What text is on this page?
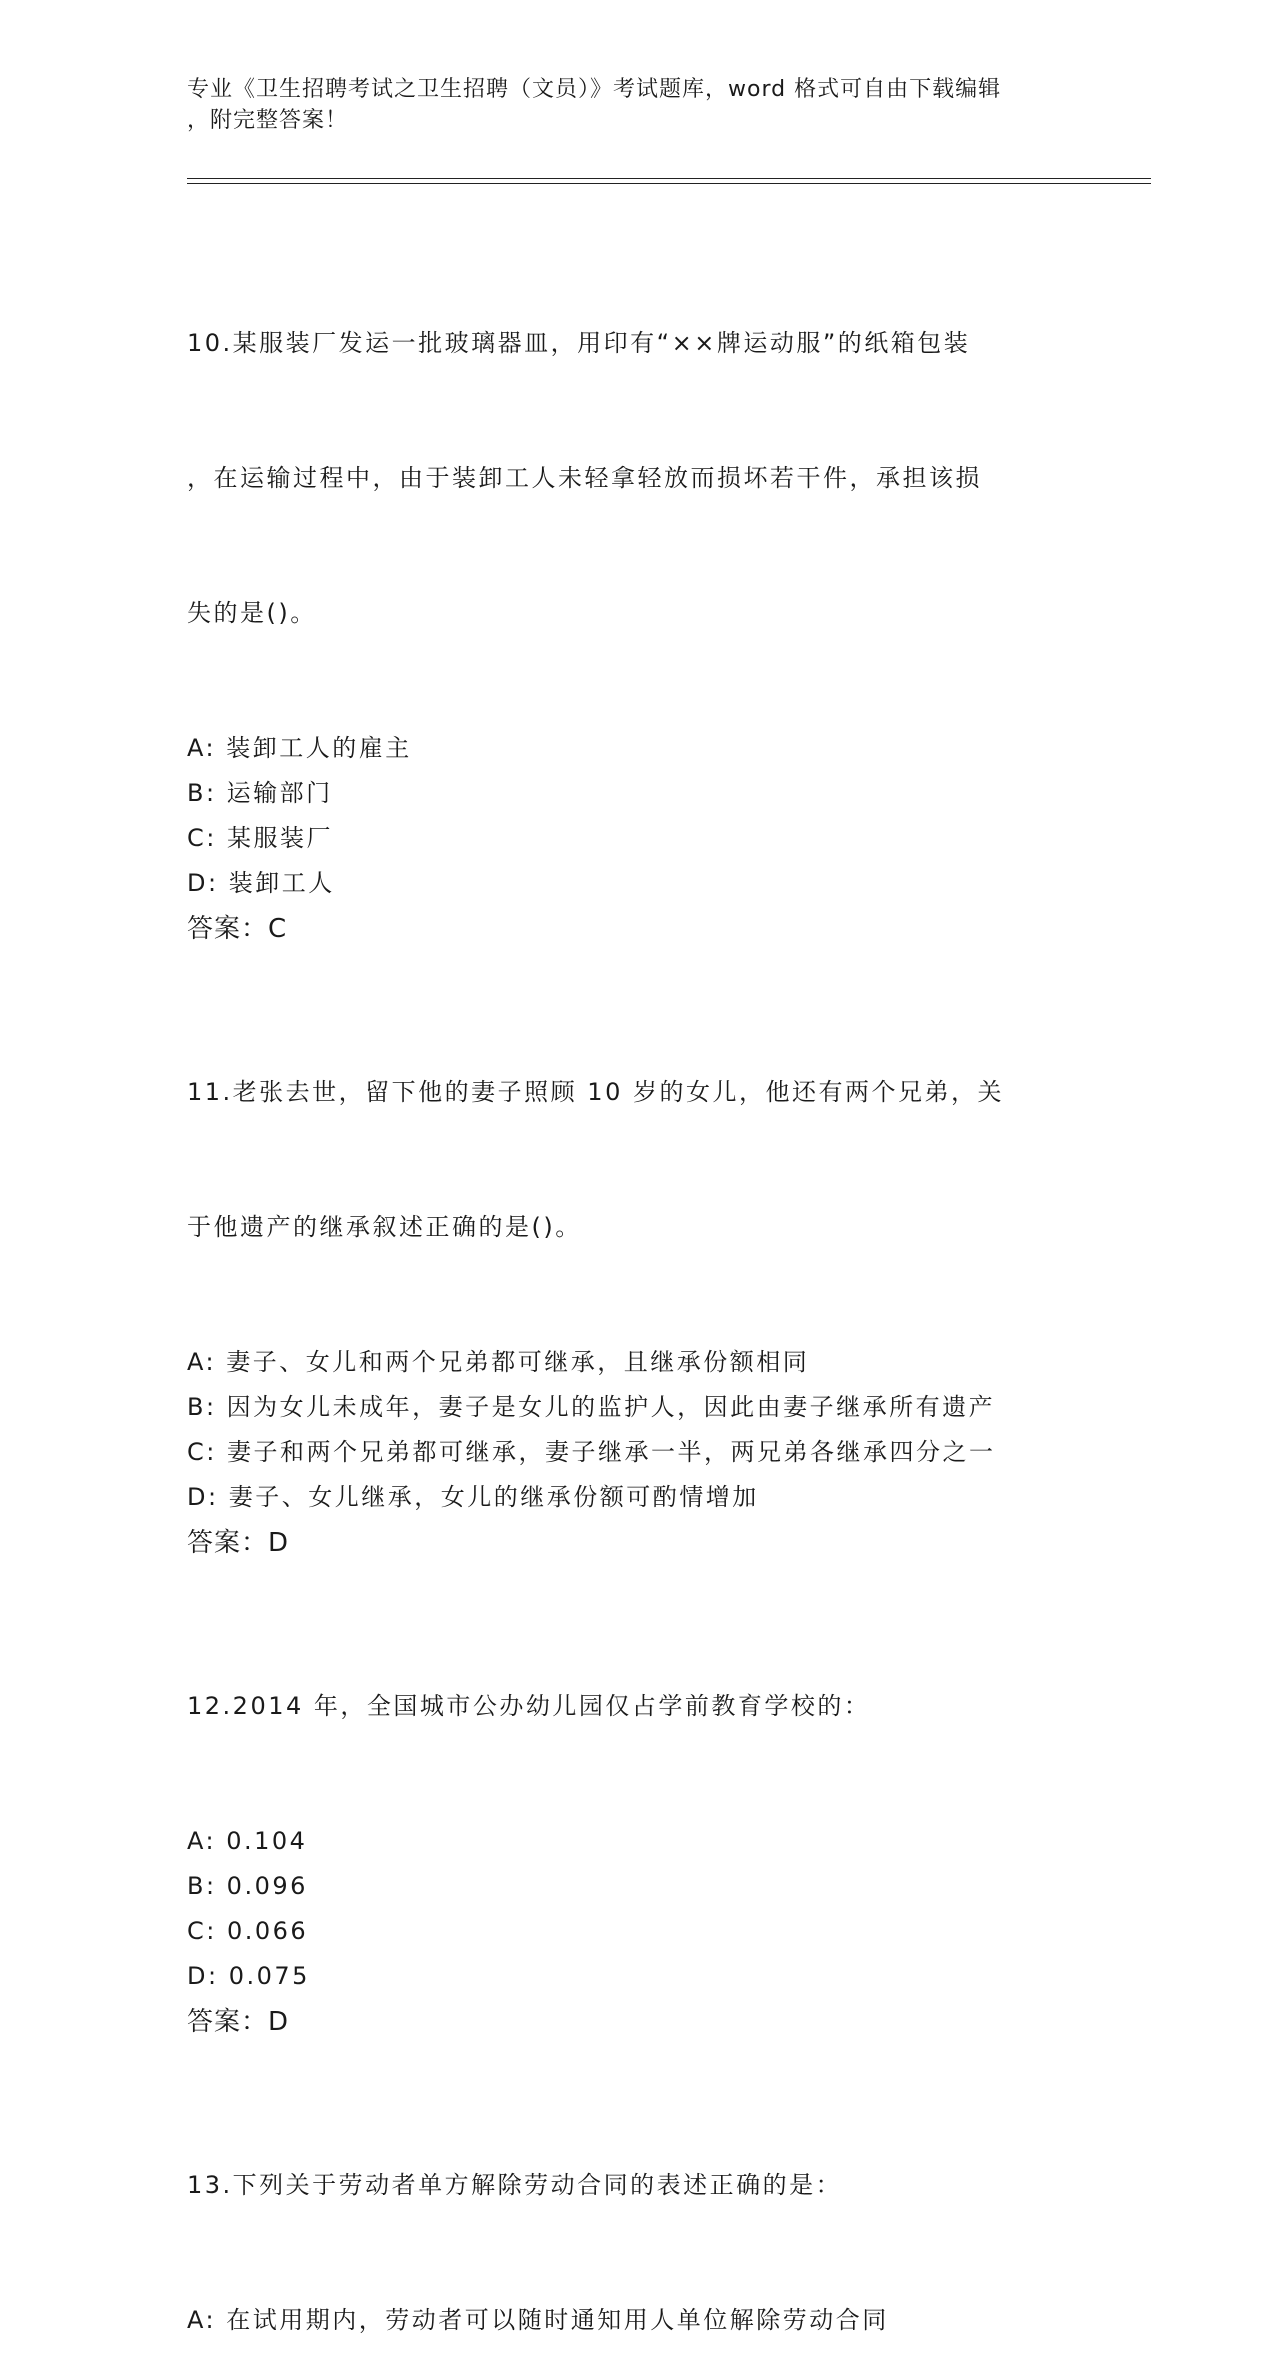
专业《卫生招聘考试之卫生招聘（文员）》考试题库，word 格式可自由下载编辑
，附完整答案！

10.某服装厂发运一批玻璃器皿，用印有“××牌运动服”的纸箱包装

，在运输过程中，由于装卸工人未轻拿轻放而损坏若干件，承担该损

失的是()。

A: 装卸工人的雇主
B: 运输部门
C: 某服装厂
D: 装卸工人
答案：C

11.老张去世，留下他的妻子照顾 10 岁的女儿，他还有两个兄弟，关

于他遗产的继承叙述正确的是()。

A: 妻子、女儿和两个兄弟都可继承，且继承份额相同
B: 因为女儿未成年，妻子是女儿的监护人，因此由妻子继承所有遗产
C: 妻子和两个兄弟都可继承，妻子继承一半，两兄弟各继承四分之一
D: 妻子、女儿继承，女儿的继承份额可酌情增加
答案：D

12.2014 年，全国城市公办幼儿园仅占学前教育学校的：

A: 0.104
B: 0.096
C: 0.066
D: 0.075
答案：D

13.下列关于劳动者单方解除劳动合同的表述正确的是：

A: 在试用期内，劳动者可以随时通知用人单位解除劳动合同
